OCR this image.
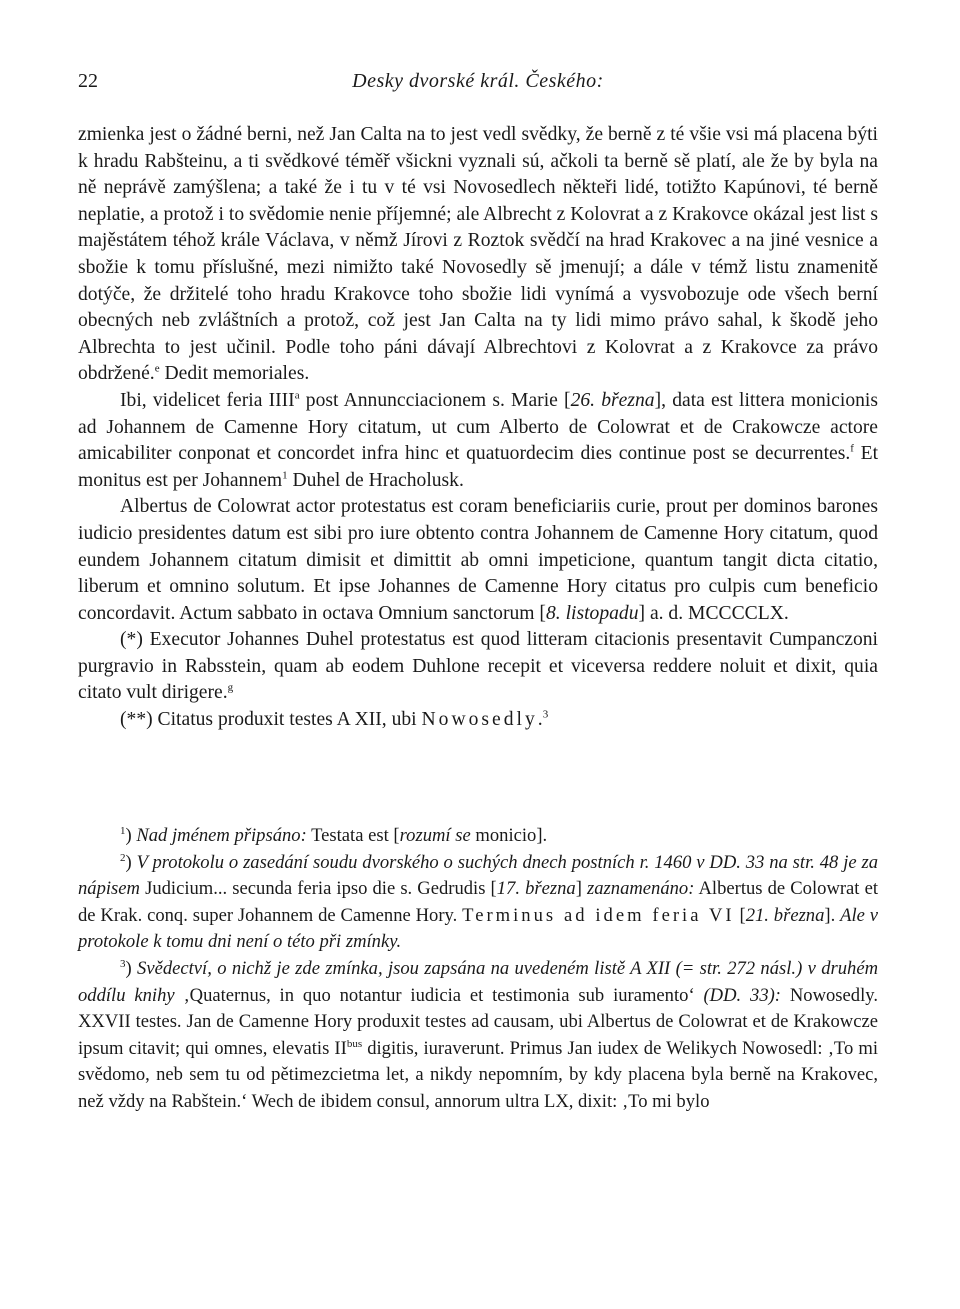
22	Desky dvorské král. Českého:

zmienka jest o žádné berni, než Jan Calta na to jest vedl svědky, že berně z té všie vsi má placena býti k hradu Rabšteinu, a ti svědkové téměř všickni vyznali sú, ačkoli ta berně sě platí, ale že by byla na ně neprávě zamýšlena; a také že i tu v té vsi Novosedlech někteři lidé, totižto Kapúnovi, té berně neplatie, a protož i to svědomie nenie příjemné; ale Albrecht z Kolovrat a z Krakovce okázal jest list s majěstátem téhož krále Václava, v němž Jírovi z Roztok svědčí na hrad Krakovec a na jiné vesnice a sbožie k tomu příslušné, mezi nimižto také Novosedly sě jmenují; a dále v témž listu znamenitě dotýče, že držitelé toho hradu Krakovce toho sbožie lidi vynímá a vysvobozuje ode všech berní obecných neb zvláštních a protož, což jest Jan Calta na ty lidi mimo právo sahal, k škodě jeho Albrechta to jest učinil. Podle toho páni dávají Albrechtovi z Kolovrat a z Krakovce za právo obdržené.$^e$ Dedit memoriales.

Ibi, videlicet feria IIII$^a$ post Annuncciacionem s. Marie [26. března], data est littera monicionis ad Johannem de Camenne Hory citatum, ut cum Alberto de Colowrat et de Crakowcze actore amicabiliter conponat et concordet infra hinc et quatuordecim dies continue post se decurrentes.$^f$ Et monitus est per Johannem$^1$ Duhel de Hracholusk.

Albertus de Colowrat actor protestatus est coram beneficiariis curie, prout per dominos barones iudicio presidentes datum est sibi pro iure obtento contra Johannem de Camenne Hory citatum, quod eundem Johannem citatum dimisit et dimittit ab omni impeticione, quantum tangit dicta citatio, liberum et omnino solutum. Et ipse Johannes de Camenne Hory citatus pro culpis cum beneficio concordavit. Actum sabbato in octava Omnium sanctorum [8. listopadu] a. d. MCCCCLX.

(*) Executor Johannes Duhel protestatus est quod litteram citacionis presentavit Cumpanczoni purgravio in Rabsstein, quam ab eodem Duhlone recepit et viceversa reddere noluit et dixit, quia citato vult dirigere.$^g$

(**) Citatus produxit testes A XII, ubi Nowosedly.$^3$

$^1$) Nad jménem připsáno: Testata est [rozumí se monicio].

$^2$) V protokolu o zasedání soudu dvorského o suchých dnech postních r. 1460 v DD. 33 na str. 48 je za nápisem Judicium... secunda feria ipso die s. Gedrudis [17. března] zaznamenáno: Albertus de Colowrat et de Krak. conq. super Johannem de Camenne Hory. Terminus ad idem feria VI [21. března]. Ale v protokole k tomu dni není o této při zmínky.

$^3$) Svědectví, o nichž je zde zmínka, jsou zapsána na uvedeném listě A XII (= str. 272 násl.) v druhém oddílu knihy ‚Quaternus, in quo notantur iudicia et testimonia sub iuramento‘ (DD. 33): Nowosedly. XXVII testes. Jan de Camenne Hory produxit testes ad causam, ubi Albertus de Colowrat et de Krakowcze ipsum citavit; qui omnes, elevatis $II^{bus}$ digitis, iuraverunt. Primus Jan iudex de Welikych Nowosedl: ‚To mi svědomo, neb sem tu od pětimezcietma let, a nikdy nepomním, by kdy placena byla berně na Krakovec, než vždy na Rabštein.‘ Wech de ibidem consul, annorum ultra LX, dixit: ‚To mi bylo
